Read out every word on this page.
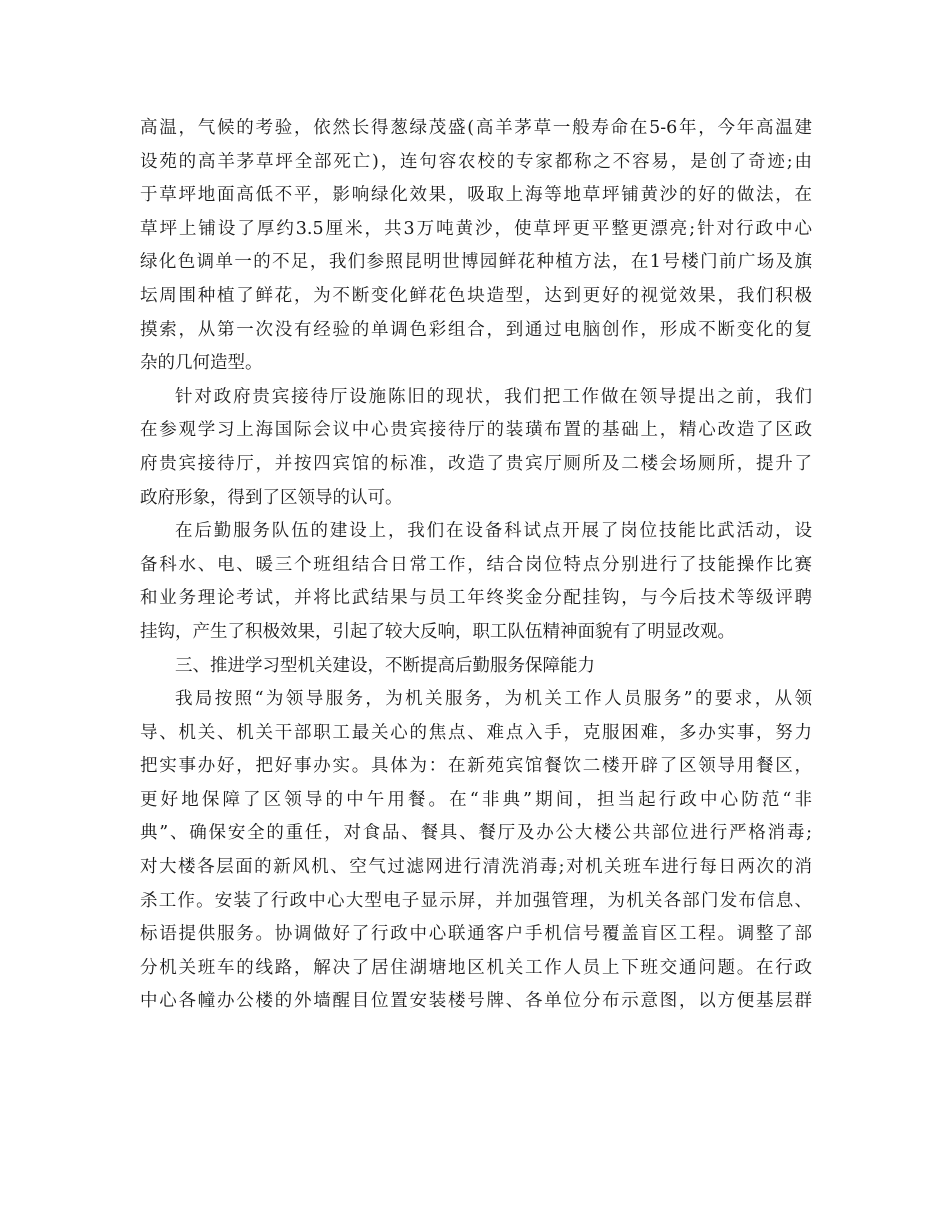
高温，气候的考验，依然长得葱绿茂盛(高羊茅草一般寿命在5-6年，今年高温建
设苑的高羊茅草坪全部死亡)，连句容农校的专家都称之不容易，是创了奇迹;由
于草坪地面高低不平，影响绿化效果，吸取上海等地草坪铺黄沙的好的做法，在
草坪上铺设了厚约3.5厘米，共3万吨黄沙，使草坪更平整更漂亮;针对行政中心
绿化色调单一的不足，我们参照昆明世博园鲜花种植方法，在1号楼门前广场及旗
坛周围种植了鲜花，为不断变化鲜花色块造型，达到更好的视觉效果，我们积极
摸索，从第一次没有经验的单调色彩组合，到通过电脑创作，形成不断变化的复
杂的几何造型。
针对政府贵宾接待厅设施陈旧的现状，我们把工作做在领导提出之前，我们
在参观学习上海国际会议中心贵宾接待厅的装璜布置的基础上，精心改造了区政
府贵宾接待厅，并按四宾馆的标准，改造了贵宾厅厕所及二楼会场厕所，提升了
政府形象，得到了区领导的认可。
在后勤服务队伍的建设上，我们在设备科试点开展了岗位技能比武活动，设
备科水、电、暖三个班组结合日常工作，结合岗位特点分别进行了技能操作比赛
和业务理论考试，并将比武结果与员工年终奖金分配挂钩，与今后技术等级评聘
挂钩，产生了积极效果，引起了较大反响，职工队伍精神面貌有了明显改观。
三、推进学习型机关建设，不断提高后勤服务保障能力
我局按照“为领导服务，为机关服务，为机关工作人员服务”的要求，从领
导、机关、机关干部职工最关心的焦点、难点入手，克服困难，多办实事，努力
把实事办好，把好事办实。具体为：在新苑宾馆餐饮二楼开辟了区领导用餐区，
更好地保障了区领导的中午用餐。在“非典”期间，担当起行政中心防范“非
典”、确保安全的重任，对食品、餐具、餐厅及办公大楼公共部位进行严格消毒;
对大楼各层面的新风机、空气过滤网进行清洗消毒;对机关班车进行每日两次的消
杀工作。安装了行政中心大型电子显示屏，并加强管理，为机关各部门发布信息、
标语提供服务。协调做好了行政中心联通客户手机信号覆盖盲区工程。调整了部
分机关班车的线路，解决了居住湖塘地区机关工作人员上下班交通问题。在行政
中心各幢办公楼的外墙醒目位置安装楼号牌、各单位分布示意图，以方便基层群
